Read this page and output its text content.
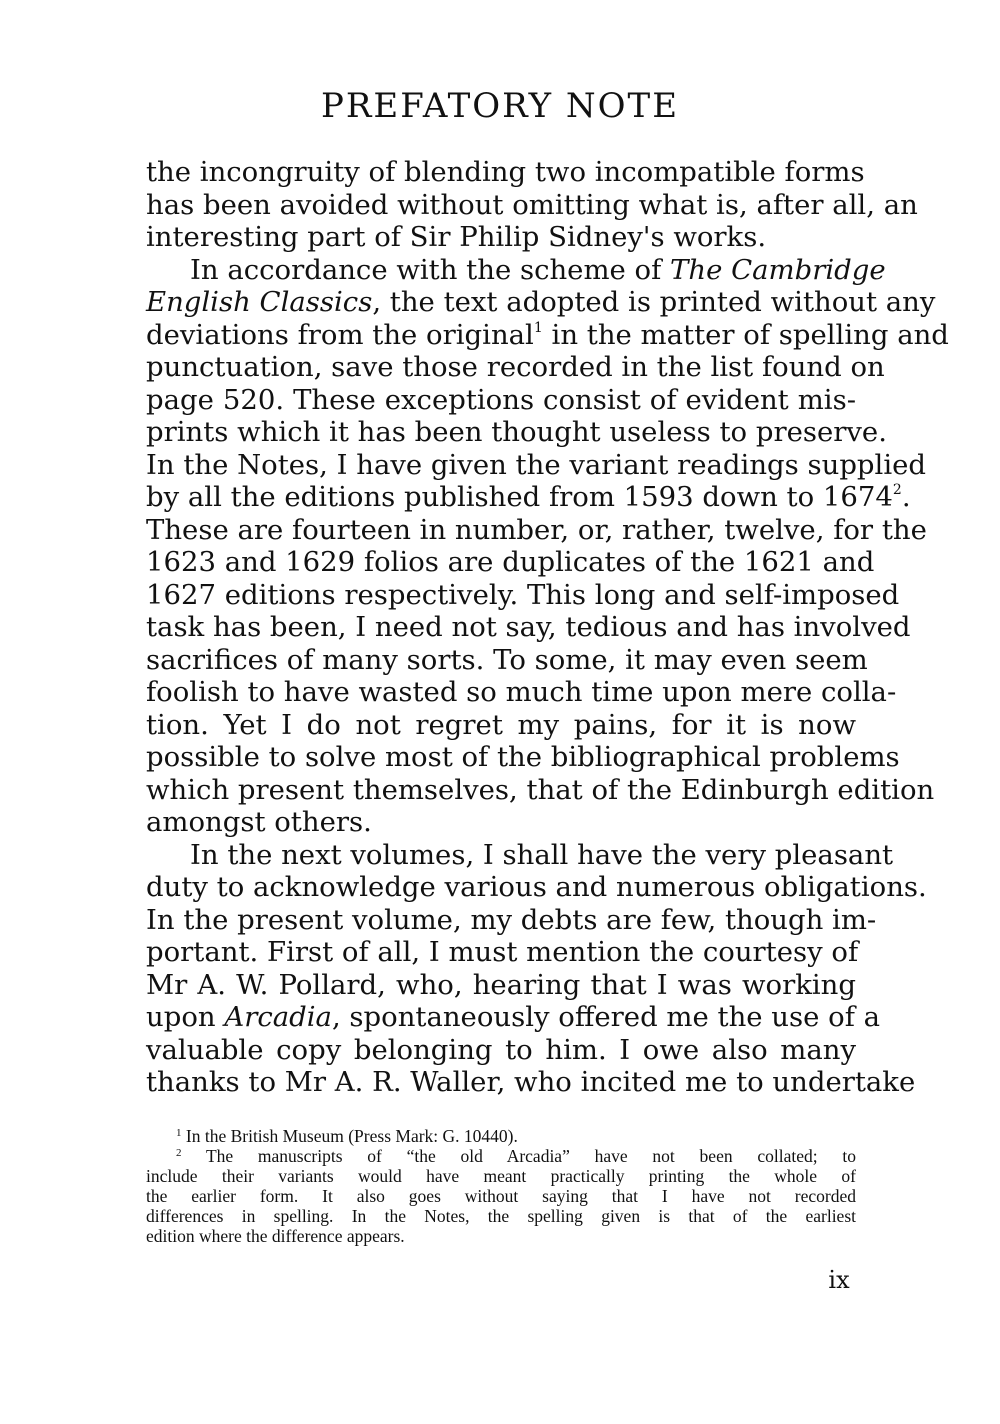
PREFATORY NOTE
the incongruity of blending two incompatible forms
has been avoided without omitting what is, after all, an
interesting part of Sir Philip Sidney's works.
In accordance with the scheme of The Cambridge
English Classics, the text adopted is printed without any
deviations from the original$^1$ in the matter of spelling and
punctuation, save those recorded in the list found on
page 520. These exceptions consist of evident mis-
prints which it has been thought useless to preserve.
In the Notes, I have given the variant readings supplied
by all the editions published from 1593 down to 1674$^2$.
These are fourteen in number, or, rather, twelve, for the
1623 and 1629 folios are duplicates of the 1621 and
1627 editions respectively. This long and self-imposed
task has been, I need not say, tedious and has involved
sacrifices of many sorts. To some, it may even seem
foolish to have wasted so much time upon mere colla-
tion. Yet I do not regret my pains, for it is now
possible to solve most of the bibliographical problems
which present themselves, that of the Edinburgh edition
amongst others.
In the next volumes, I shall have the very pleasant
duty to acknowledge various and numerous obligations.
In the present volume, my debts are few, though im-
portant. First of all, I must mention the courtesy of
Mr A. W. Pollard, who, hearing that I was working
upon Arcadia, spontaneously offered me the use of a
valuable copy belonging to him. I owe also many
thanks to Mr A. R. Waller, who incited me to undertake
$^1$ In the British Museum (Press Mark: G. 10440).
$^2$ The manuscripts of “the old Arcadia” have not been collated; to
include their variants would have meant practically printing the whole of
the earlier form. It also goes without saying that I have not recorded
differences in spelling. In the Notes, the spelling given is that of the earliest
edition where the difference appears.
ix
